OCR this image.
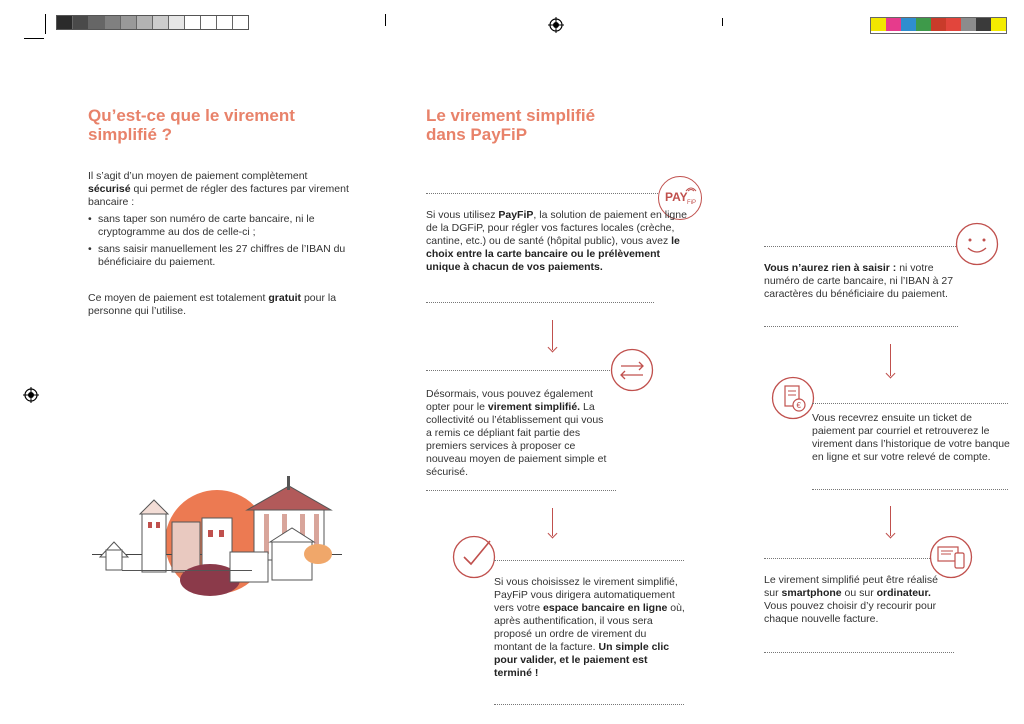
Qu’est-ce que le virement simplifié ?
Il s’agit d’un moyen de paiement complètement sécurisé qui permet de régler des factures par virement bancaire :
• sans taper son numéro de carte bancaire, ni le cryptogramme au dos de celle-ci ;
• sans saisir manuellement les 27 chiffres de l’IBAN du bénéficiaire du paiement.
Ce moyen de paiement est totalement gratuit pour la personne qui l’utilise.
Le virement simplifié dans PayFiP
PAY FiP
Si vous utilisez PayFiP, la solution de paiement en ligne de la DGFiP, pour régler vos factures locales (crèche, cantine, etc.) ou de santé (hôpital public), vous avez le choix entre la carte bancaire ou le prélèvement unique à chacun de vos paiements.
Désormais, vous pouvez également opter pour le virement simplifié. La collectivité ou l’établissement qui vous a remis ce dépliant fait partie des premiers services à proposer ce nouveau moyen de paiement simple et sécurisé.
Si vous choisissez le virement simplifié, PayFiP vous dirigera automatiquement vers votre espace bancaire en ligne où, après authentification, il vous sera proposé un ordre de virement du montant de la facture. Un simple clic pour valider, et le paiement est terminé !
Vous n’aurez rien à saisir : ni votre numéro de carte bancaire, ni l’IBAN à 27 caractères du bénéficiaire du paiement.
€
Vous recevrez ensuite un ticket de paiement par courriel et retrouverez le virement dans l’historique de votre banque en ligne et sur votre relevé de compte.
Le virement simplifié peut être réalisé sur smartphone ou sur ordinateur. Vous pouvez choisir d’y recourir pour chaque nouvelle facture.
